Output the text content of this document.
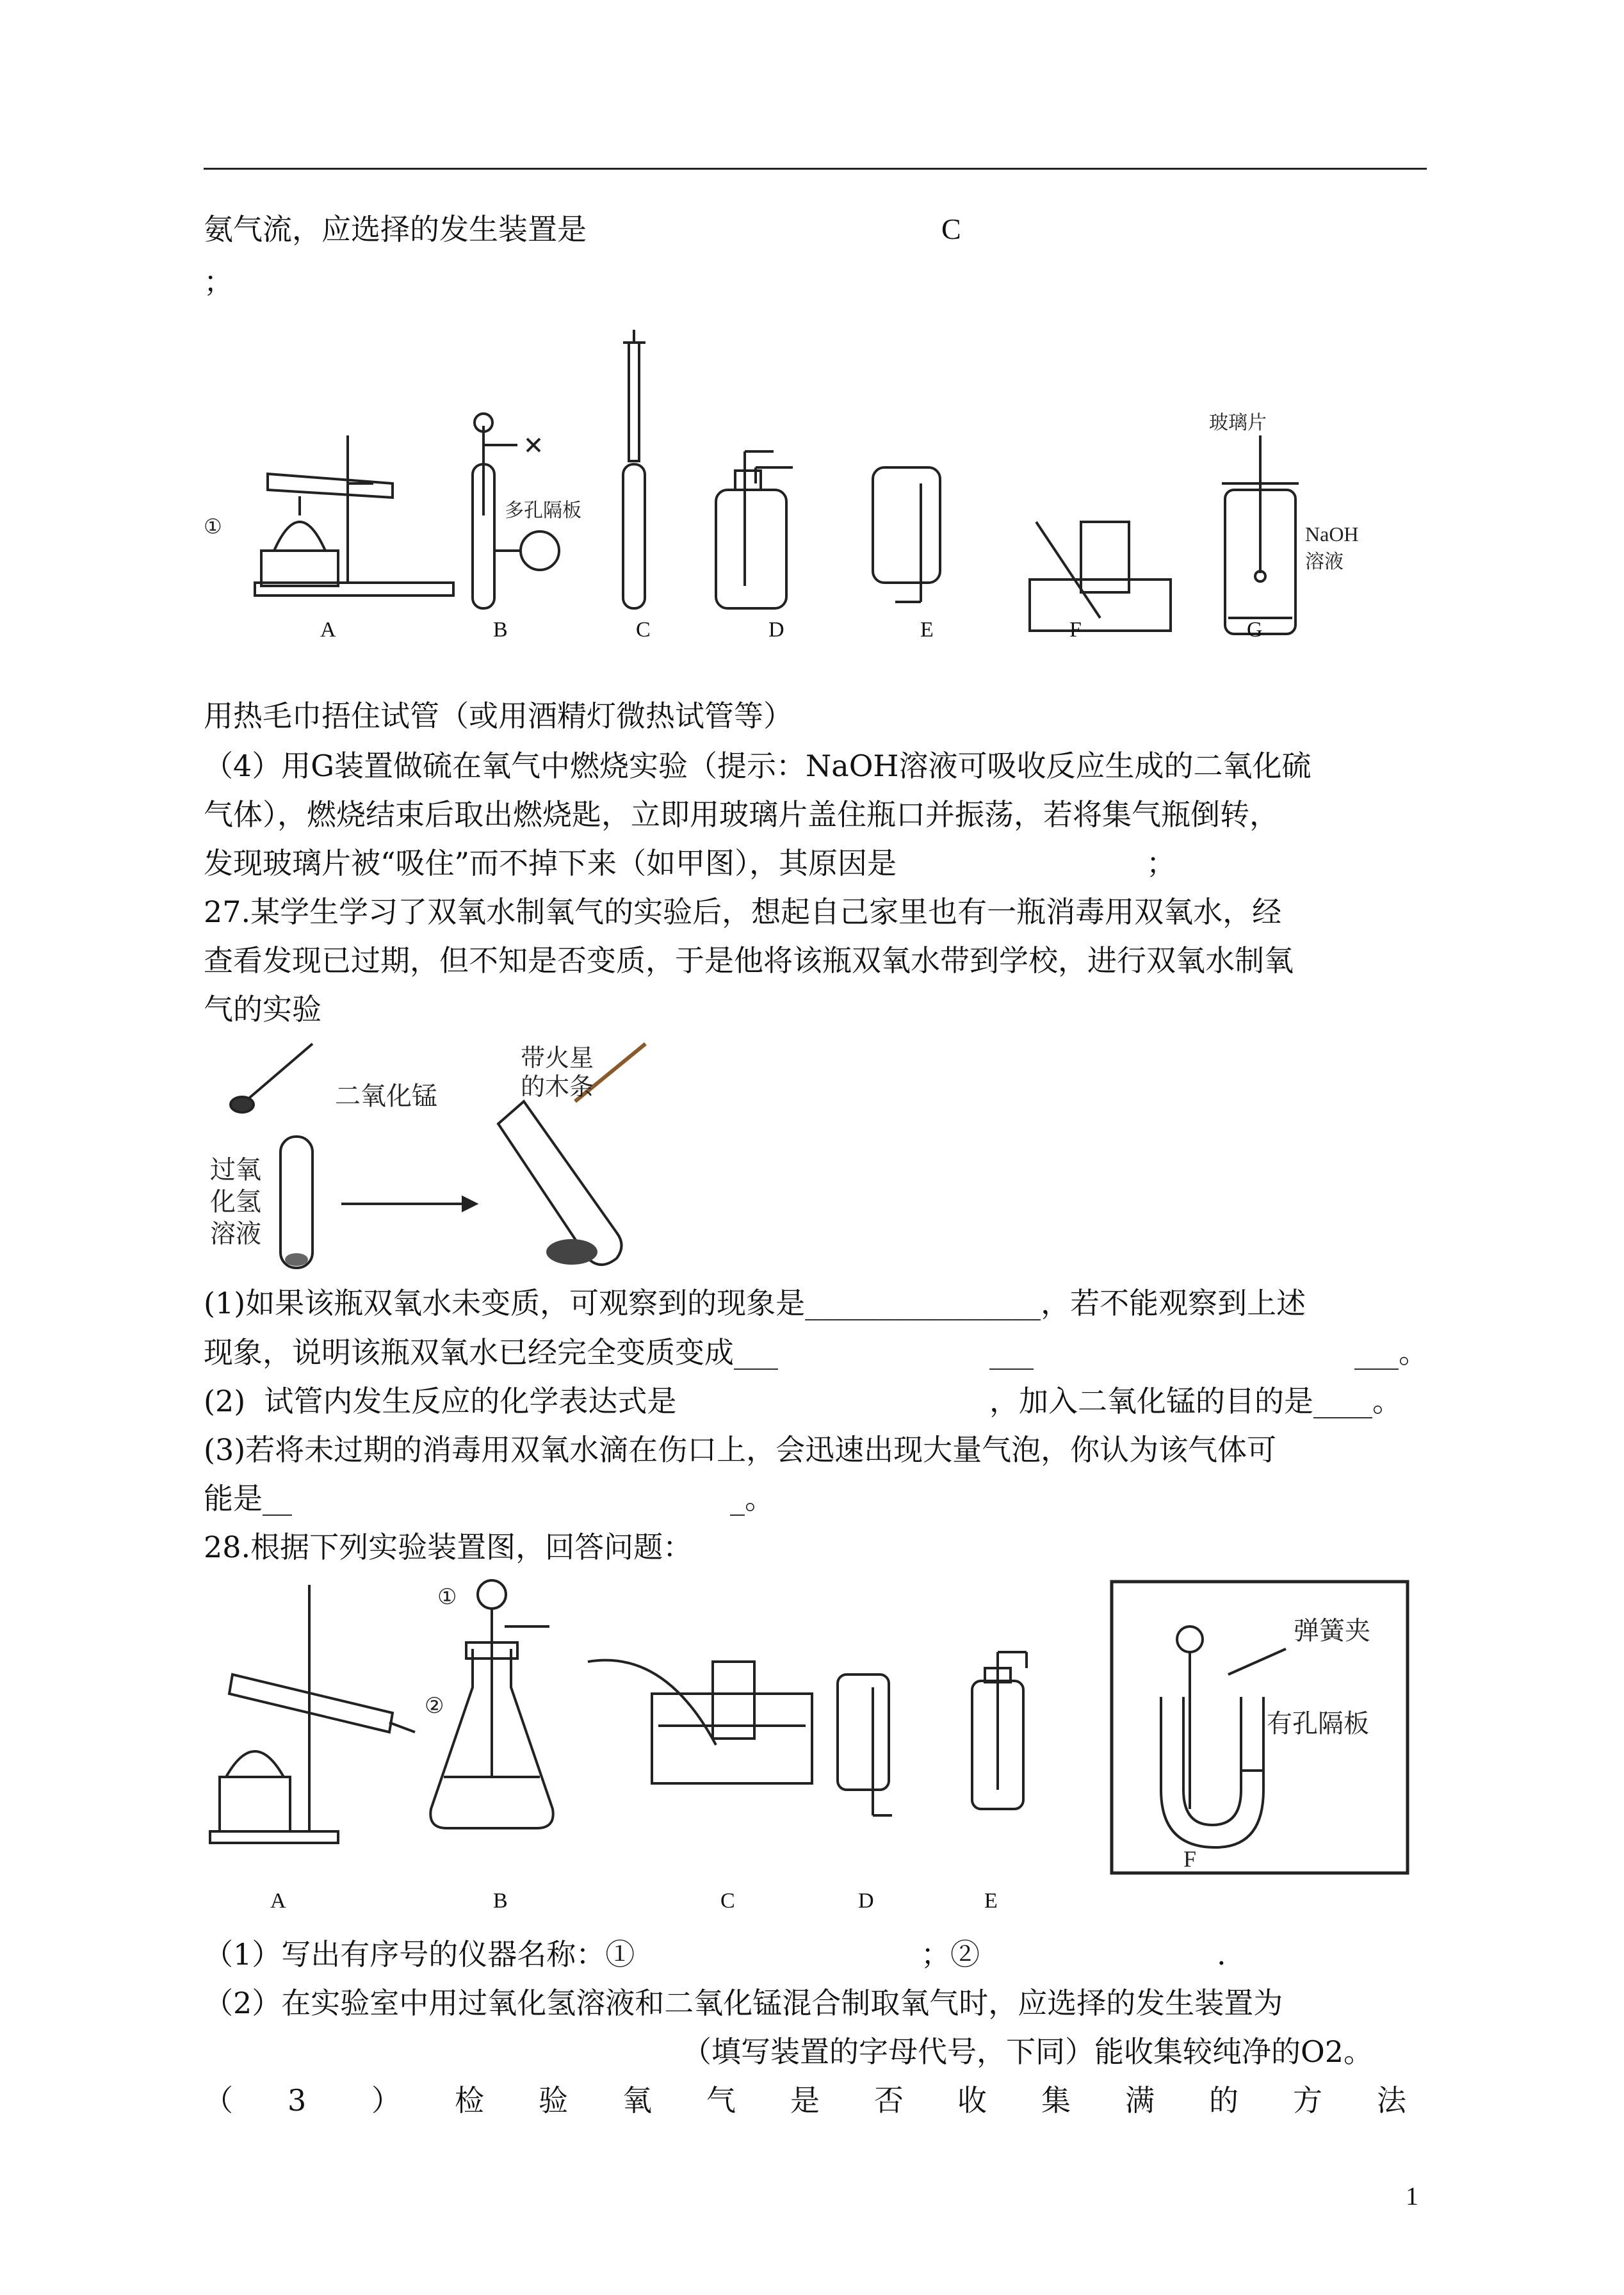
氨气流，应选择的发生装置是	C
；
①
多孔隔板
玻璃片
NaOH
溶液
A	B	C	D	E	F	G
用热毛巾捂住试管（或用酒精灯微热试管等）
（4）用G装置做硫在氧气中燃烧实验（提示：NaOH溶液可吸收反应生成的二氧化硫
气体），燃烧结束后取出燃烧匙，立即用玻璃片盖住瓶口并振荡，若将集气瓶倒转，
发现玻璃片被“吸住”而不掉下来（如甲图），其原因是	；
27.某学生学习了双氧水制氧气的实验后，想起自己家里也有一瓶消毒用双氧水，经
查看发现已过期，但不知是否变质，于是他将该瓶双氧水带到学校，进行双氧水制氧
气的实验
二氧化锰
带火星
的木条
过氧
化氢
溶液
(1)如果该瓶双氧水未变质，可观察到的现象是________________，若不能观察到上述
现象，说明该瓶双氧水已经完全变质变成___	___	___。
(2)  试管内发生反应的化学表达式是	，加入二氧化锰的目的是____。
(3)若将未过期的消毒用双氧水滴在伤口上，会迅速出现大量气泡，你认为该气体可
能是__	_。
28.根据下列实验装置图，回答问题：
①
②
弹簧夹
有孔隔板
F
A	B	C	D	E
（1）写出有序号的仪器名称：①	；②	.
（2）在实验室中用过氧化氢溶液和二氧化锰混合制取氧气时，应选择的发生装置为
（填写装置的字母代号，下同）能收集较纯净的O2。
（ 3 ） 检 验 氧 气 是 否 收 集 满 的 方 法
1
